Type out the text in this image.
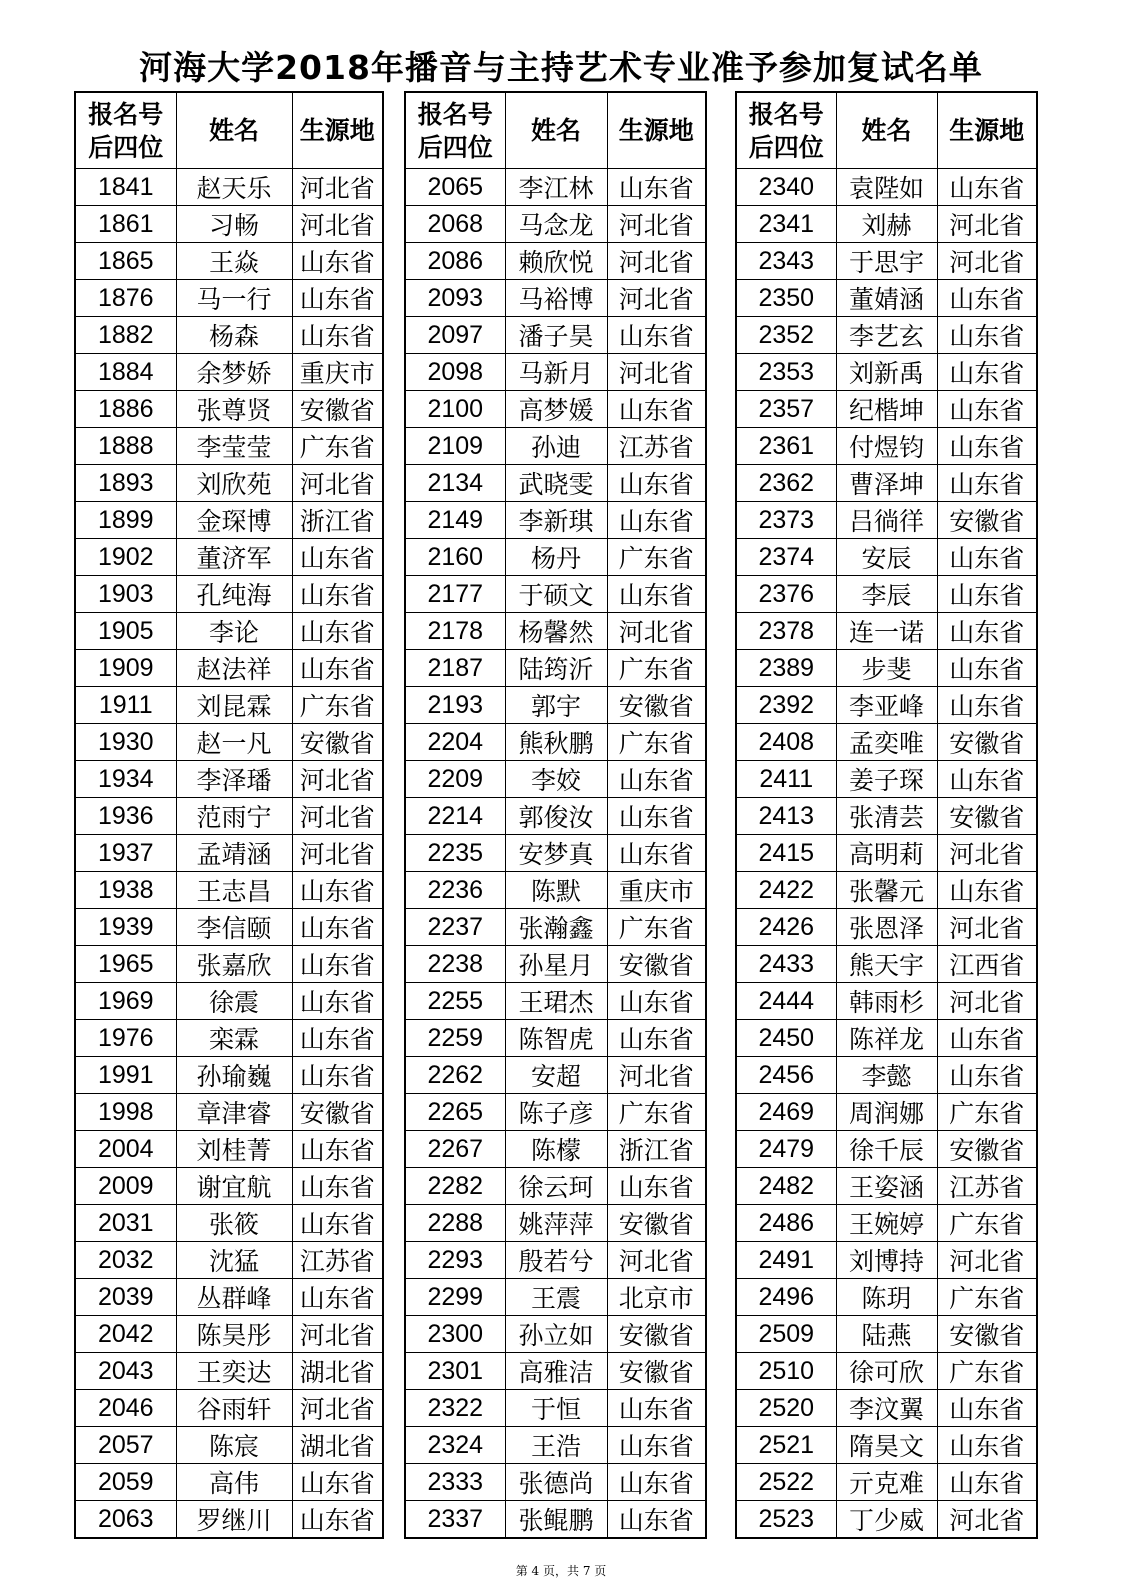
河海大学2018年播音与主持艺术专业准予参加复试名单
报名号
后四位	姓名	生源地
1841	赵天乐	河北省
1861	习畅	河北省
1865	王焱	山东省
1876	马一行	山东省
1882	杨森	山东省
1884	余梦娇	重庆市
1886	张尊贤	安徽省
1888	李莹莹	广东省
1893	刘欣苑	河北省
1899	金琛博	浙江省
1902	董济军	山东省
1903	孔纯海	山东省
1905	李论	山东省
1909	赵法祥	山东省
1911	刘昆霖	广东省
1930	赵一凡	安徽省
1934	李泽璠	河北省
1936	范雨宁	河北省
1937	孟靖涵	河北省
1938	王志昌	山东省
1939	李信颐	山东省
1965	张嘉欣	山东省
1969	徐震	山东省
1976	栾霖	山东省
1991	孙瑜巍	山东省
1998	章津睿	安徽省
2004	刘桂菁	山东省
2009	谢宜航	山东省
2031	张筱	山东省
2032	沈猛	江苏省
2039	丛群峰	山东省
2042	陈昊彤	河北省
2043	王奕达	湖北省
2046	谷雨轩	河北省
2057	陈宸	湖北省
2059	高伟	山东省
2063	罗继川	山东省
报名号
后四位	姓名	生源地
2065	李江林	山东省
2068	马念龙	河北省
2086	赖欣悦	河北省
2093	马裕博	河北省
2097	潘子昊	山东省
2098	马新月	河北省
2100	高梦媛	山东省
2109	孙迪	江苏省
2134	武晓雯	山东省
2149	李新琪	山东省
2160	杨丹	广东省
2177	于硕文	山东省
2178	杨馨然	河北省
2187	陆筠沂	广东省
2193	郭宇	安徽省
2204	熊秋鹏	广东省
2209	李姣	山东省
2214	郭俊汝	山东省
2235	安梦真	山东省
2236	陈默	重庆市
2237	张瀚鑫	广东省
2238	孙星月	安徽省
2255	王珺杰	山东省
2259	陈智虎	山东省
2262	安超	河北省
2265	陈子彦	广东省
2267	陈檬	浙江省
2282	徐云珂	山东省
2288	姚萍萍	安徽省
2293	殷若兮	河北省
2299	王震	北京市
2300	孙立如	安徽省
2301	高雅洁	安徽省
2322	于恒	山东省
2324	王浩	山东省
2333	张德尚	山东省
2337	张鲲鹏	山东省
报名号
后四位	姓名	生源地
2340	袁陛如	山东省
2341	刘赫	河北省
2343	于思宇	河北省
2350	董婧涵	山东省
2352	李艺玄	山东省
2353	刘新禹	山东省
2357	纪楷坤	山东省
2361	付煜钧	山东省
2362	曹泽坤	山东省
2373	吕徜徉	安徽省
2374	安辰	山东省
2376	李辰	山东省
2378	连一诺	山东省
2389	步斐	山东省
2392	李亚峰	山东省
2408	孟奕唯	安徽省
2411	姜子琛	山东省
2413	张清芸	安徽省
2415	高明莉	河北省
2422	张馨元	山东省
2426	张恩泽	河北省
2433	熊天宇	江西省
2444	韩雨杉	河北省
2450	陈祥龙	山东省
2456	李懿	山东省
2469	周润娜	广东省
2479	徐千辰	安徽省
2482	王姿涵	江苏省
2486	王婉婷	广东省
2491	刘博持	河北省
2496	陈玥	广东省
2509	陆燕	安徽省
2510	徐可欣	广东省
2520	李汶翼	山东省
2521	隋昊文	山东省
2522	亓克难	山东省
2523	丁少威	河北省
第 4 页，共 7 页
